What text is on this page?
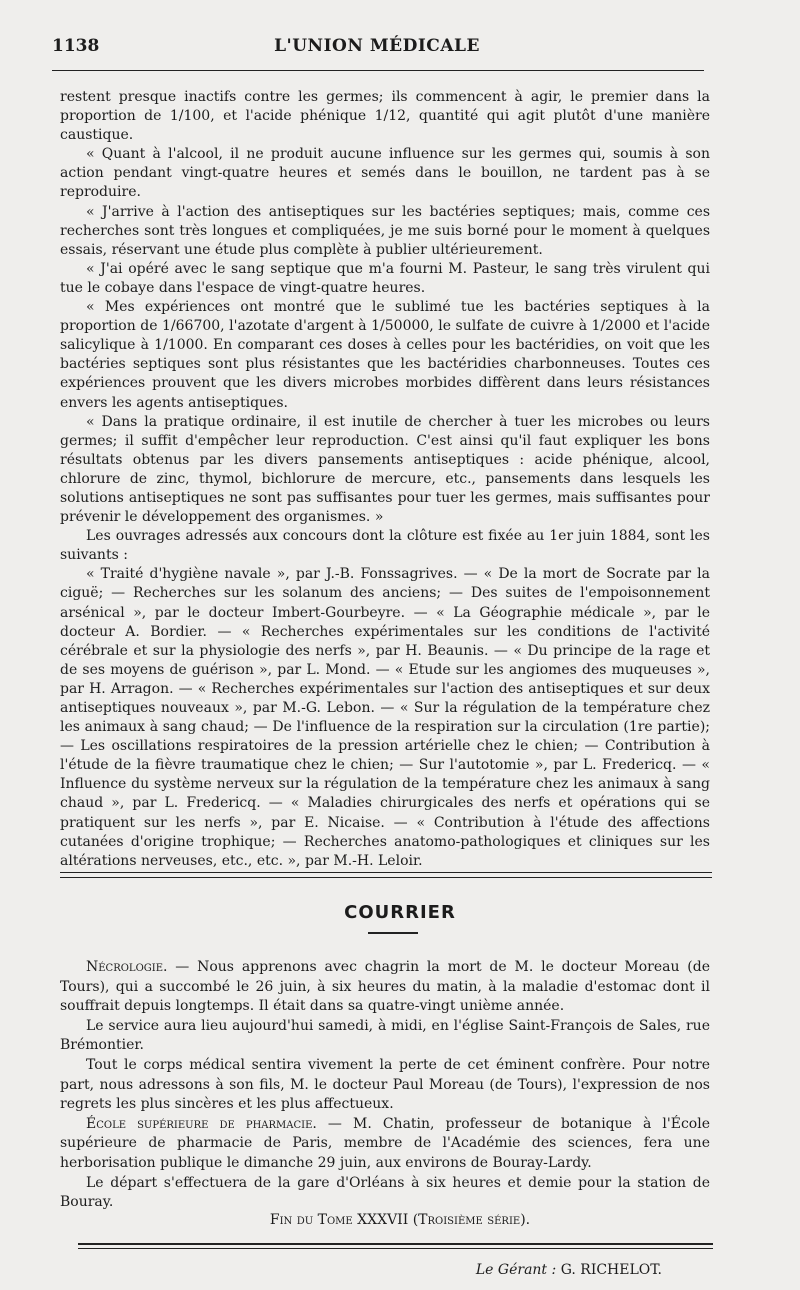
1138	L'UNION MÉDICALE

restent presque inactifs contre les germes; ils commencent à agir, le premier dans la proportion de 1/100, et l'acide phénique 1/12, quantité qui agit plutôt d'une manière caustique.

« Quant à l'alcool, il ne produit aucune influence sur les germes qui, soumis à son action pendant vingt-quatre heures et semés dans le bouillon, ne tardent pas à se reproduire.

« J'arrive à l'action des antiseptiques sur les bactéries septiques; mais, comme ces recherches sont très longues et compliquées, je me suis borné pour le moment à quelques essais, réservant une étude plus complète à publier ultérieurement.

« J'ai opéré avec le sang septique que m'a fourni M. Pasteur, le sang très virulent qui tue le cobaye dans l'espace de vingt-quatre heures.

« Mes expériences ont montré que le sublimé tue les bactéries septiques à la proportion de 1/66700, l'azotate d'argent à 1/50000, le sulfate de cuivre à 1/2000 et l'acide salicylique à 1/1000. En comparant ces doses à celles pour les bactéridies, on voit que les bactéries septiques sont plus résistantes que les bactéridies charbonneuses. Toutes ces expériences prouvent que les divers microbes morbides diffèrent dans leurs résistances envers les agents antiseptiques.

« Dans la pratique ordinaire, il est inutile de chercher à tuer les microbes ou leurs germes; il suffit d'empêcher leur reproduction. C'est ainsi qu'il faut expliquer les bons résultats obtenus par les divers pansements antiseptiques : acide phénique, alcool, chlorure de zinc, thymol, bichlorure de mercure, etc., pansements dans lesquels les solutions antiseptiques ne sont pas suffisantes pour tuer les germes, mais suffisantes pour prévenir le développement des organismes. »

Les ouvrages adressés aux concours dont la clôture est fixée au 1er juin 1884, sont les suivants :

« Traité d'hygiène navale », par J.-B. Fonssagrives. — « De la mort de Socrate par la ciguë; — Recherches sur les solanum des anciens; — Des suites de l'empoisonnement arsénical », par le docteur Imbert-Gourbeyre. — « La Géographie médicale », par le docteur A. Bordier. — « Recherches expérimentales sur les conditions de l'activité cérébrale et sur la physiologie des nerfs », par H. Beaunis. — « Du principe de la rage et de ses moyens de guérison », par L. Mond. — « Etude sur les angiomes des muqueuses », par H. Arragon. — « Recherches expérimentales sur l'action des antiseptiques et sur deux antiseptiques nouveaux », par M.-G. Lebon. — « Sur la régulation de la température chez les animaux à sang chaud; — De l'influence de la respiration sur la circulation (1re partie); — Les oscillations respiratoires de la pression artérielle chez le chien; — Contribution à l'étude de la fièvre traumatique chez le chien; — Sur l'autotomie », par L. Fredericq. — « Influence du système nerveux sur la régulation de la température chez les animaux à sang chaud », par L. Fredericq. — « Maladies chirurgicales des nerfs et opérations qui se pratiquent sur les nerfs », par E. Nicaise. — « Contribution à l'étude des affections cutanées d'origine trophique; — Recherches anatomo-pathologiques et cliniques sur les altérations nerveuses, etc., etc. », par M.-H. Leloir.

COURRIER

Nécrologie. — Nous apprenons avec chagrin la mort de M. le docteur Moreau (de Tours), qui a succombé le 26 juin, à six heures du matin, à la maladie d'estomac dont il souffrait depuis longtemps. Il était dans sa quatre-vingt unième année.

Le service aura lieu aujourd'hui samedi, à midi, en l'église Saint-François de Sales, rue Brémontier.

Tout le corps médical sentira vivement la perte de cet éminent confrère. Pour notre part, nous adressons à son fils, M. le docteur Paul Moreau (de Tours), l'expression de nos regrets les plus sincères et les plus affectueux.

École supérieure de pharmacie. — M. Chatin, professeur de botanique à l'École supérieure de pharmacie de Paris, membre de l'Académie des sciences, fera une herborisation publique le dimanche 29 juin, aux environs de Bouray-Lardy.

Le départ s'effectuera de la gare d'Orléans à six heures et demie pour la station de Bouray.

Fin du Tome XXXVII (Troisième série).
Le Gérant : G. RICHELOT.
